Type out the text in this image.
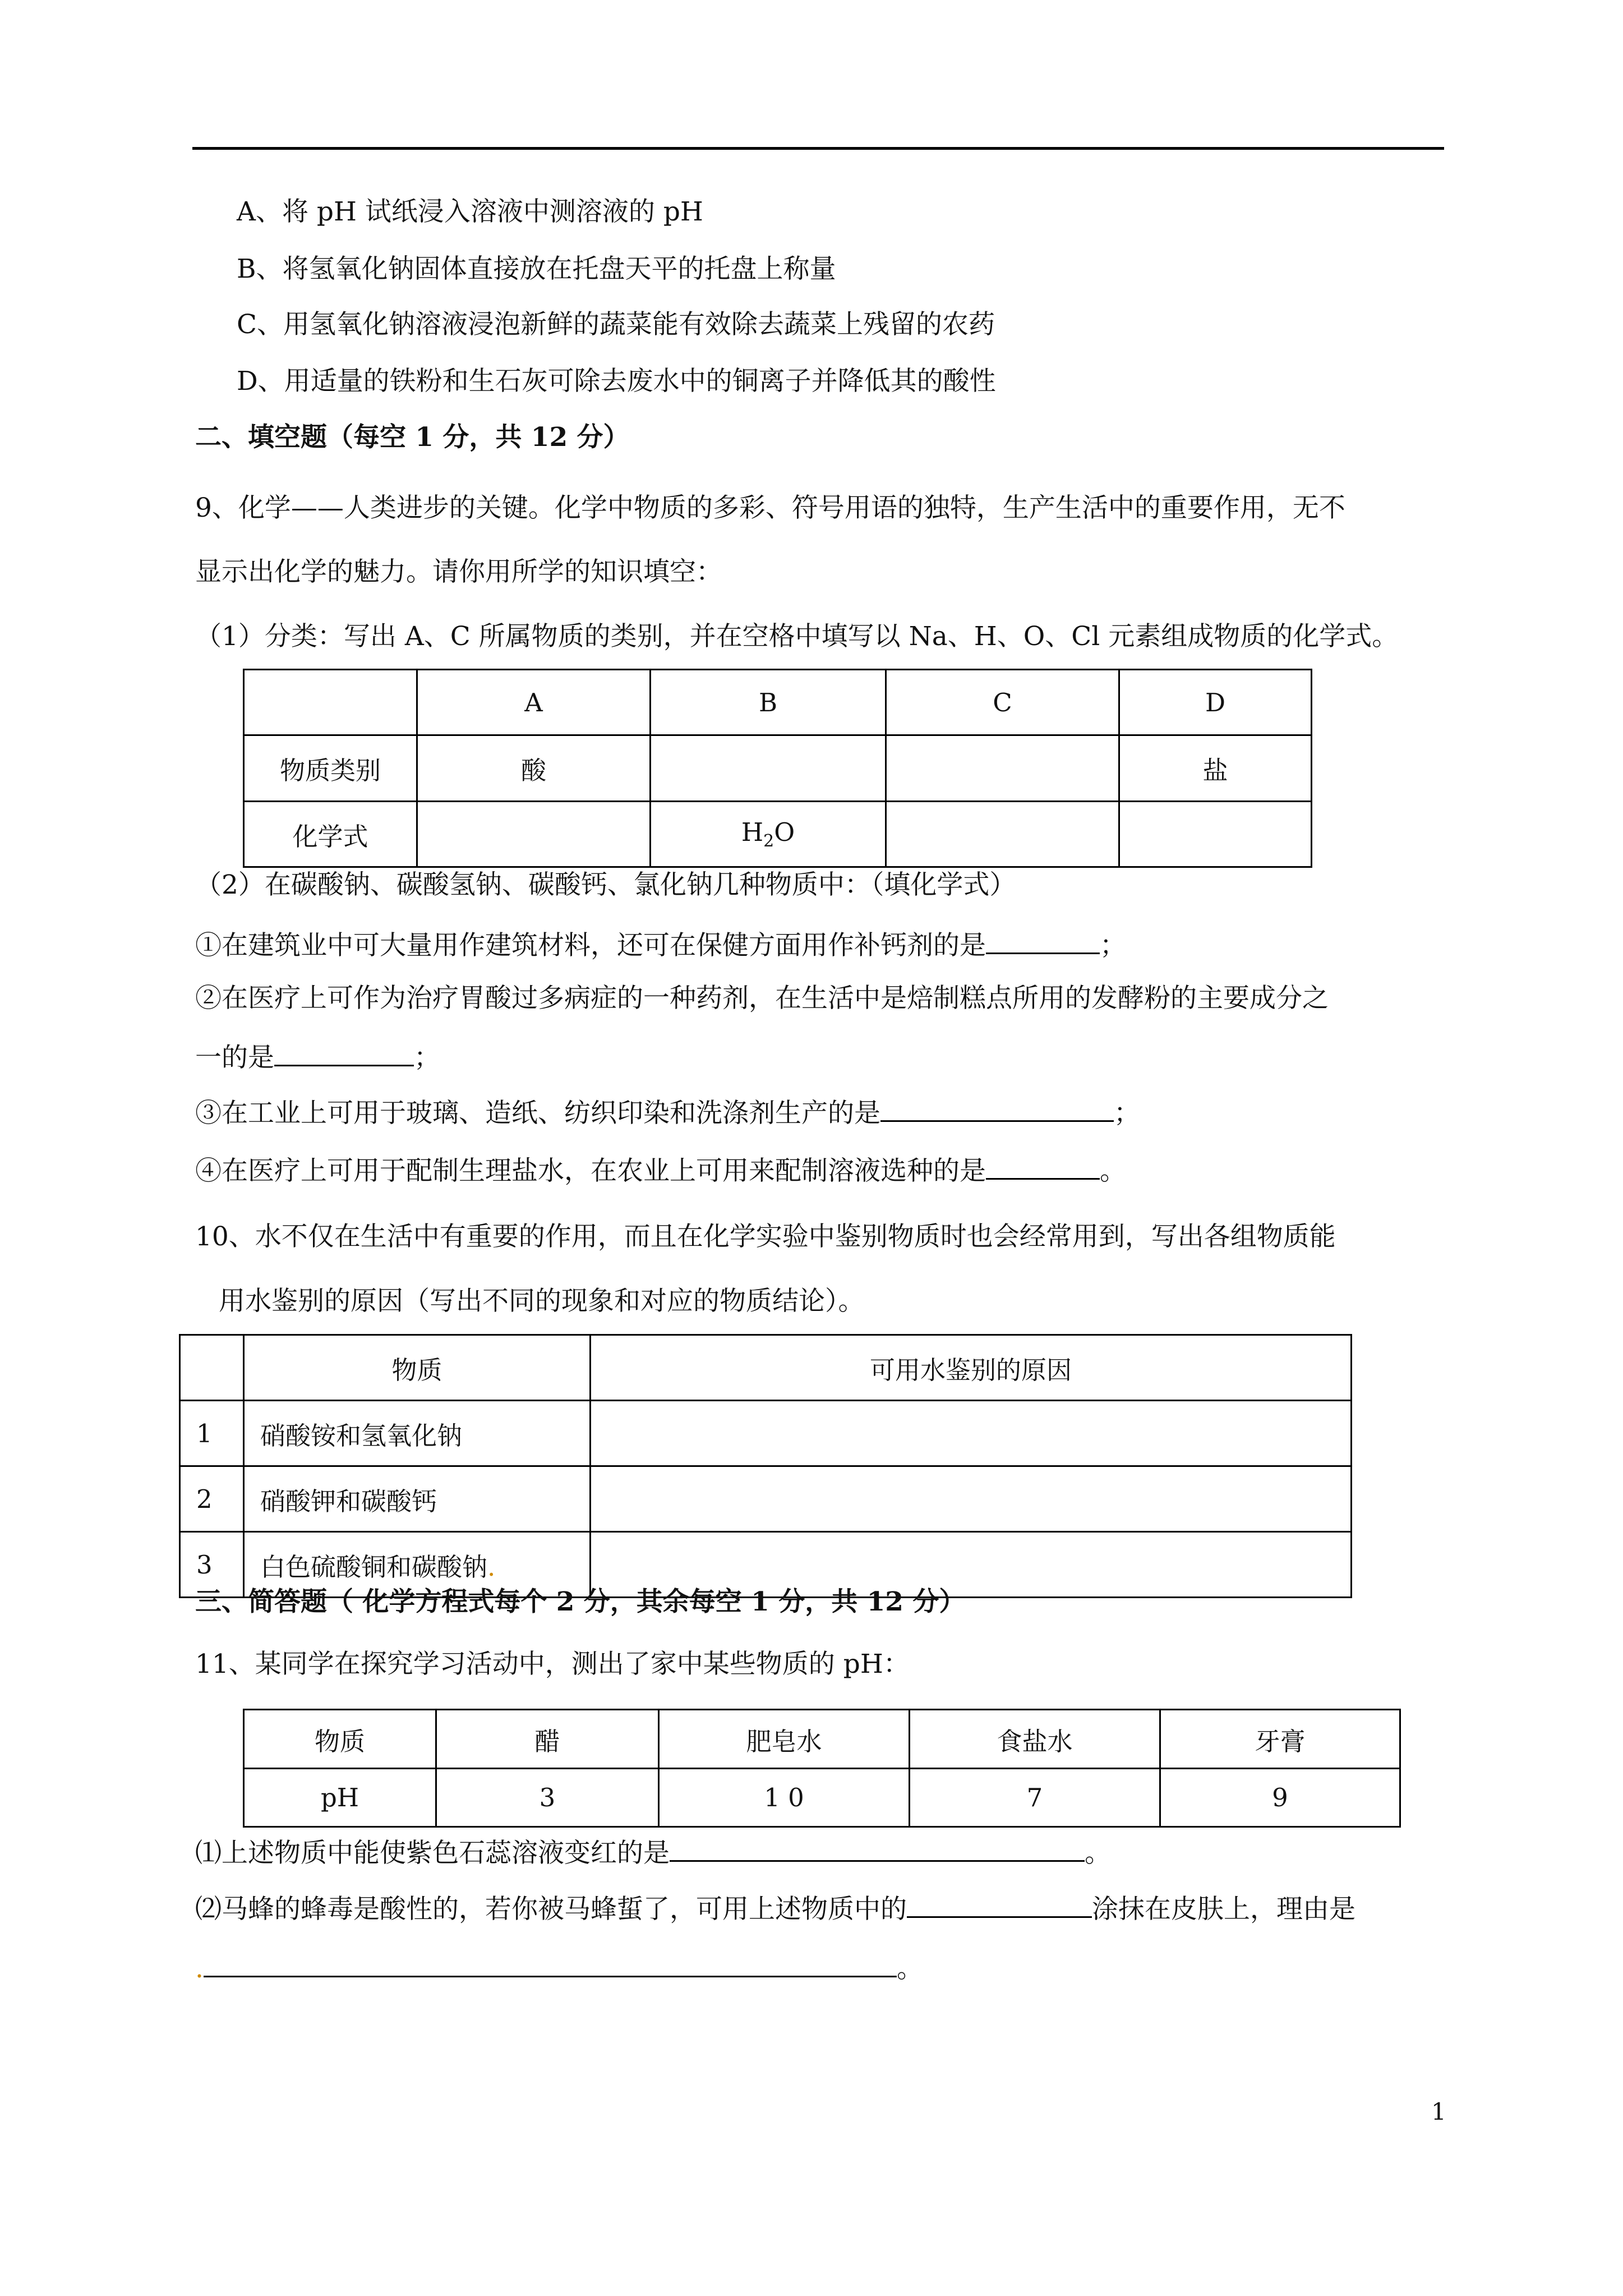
A、将 pH 试纸浸入溶液中测溶液的 pH
B、将氢氧化钠固体直接放在托盘天平的托盘上称量
C、用氢氧化钠溶液浸泡新鲜的蔬菜能有效除去蔬菜上残留的农药
D、用适量的铁粉和生石灰可除去废水中的铜离子并降低其的酸性
二、填空题（每空 1 分，共 12 分）
9、化学——人类进步的关键。化学中物质的多彩、符号用语的独特，生产生活中的重要作用，无不
显示出化学的魅力。请你用所学的知识填空：
（1）分类：写出 A、C 所属物质的类别，并在空格中填写以 Na、H、O、Cl 元素组成物质的化学式。
	A	B	C	D
物质类别	酸			盐
化学式		$H_2O$		
（2）在碳酸钠、碳酸氢钠、碳酸钙、氯化钠几种物质中：（填化学式）
①在建筑业中可大量用作建筑材料，还可在保健方面用作补钙剂的是	；
②在医疗上可作为治疗胃酸过多病症的一种药剂，在生活中是焙制糕点所用的发酵粉的主要成分之
一的是	；
③在工业上可用于玻璃、造纸、纺织印染和洗涤剂生产的是	；
④在医疗上可用于配制生理盐水，在农业上可用来配制溶液选种的是	。
10、水不仅在生活中有重要的作用，而且在化学实验中鉴别物质时也会经常用到，写出各组物质能
用水鉴别的原因（写出不同的现象和对应的物质结论）。
	物质	可用水鉴别的原因
1	硝酸铵和氢氧化钠	
2	硝酸钾和碳酸钙	
3	白色硫酸铜和碳酸钠.	
三、简答题（ 化学方程式每个 2 分，其余每空 1 分，共 12 分）
11、某同学在探究学习活动中，测出了家中某些物质的 pH：
物质	醋	肥皂水	食盐水	牙膏
pH	3	1 0	7	9
⑴上述物质中能使紫色石蕊溶液变红的是	。
⑵马蜂的蜂毒是酸性的，若你被马蜂蜇了，可用上述物质中的	涂抹在皮肤上，理由是
.	。
1
